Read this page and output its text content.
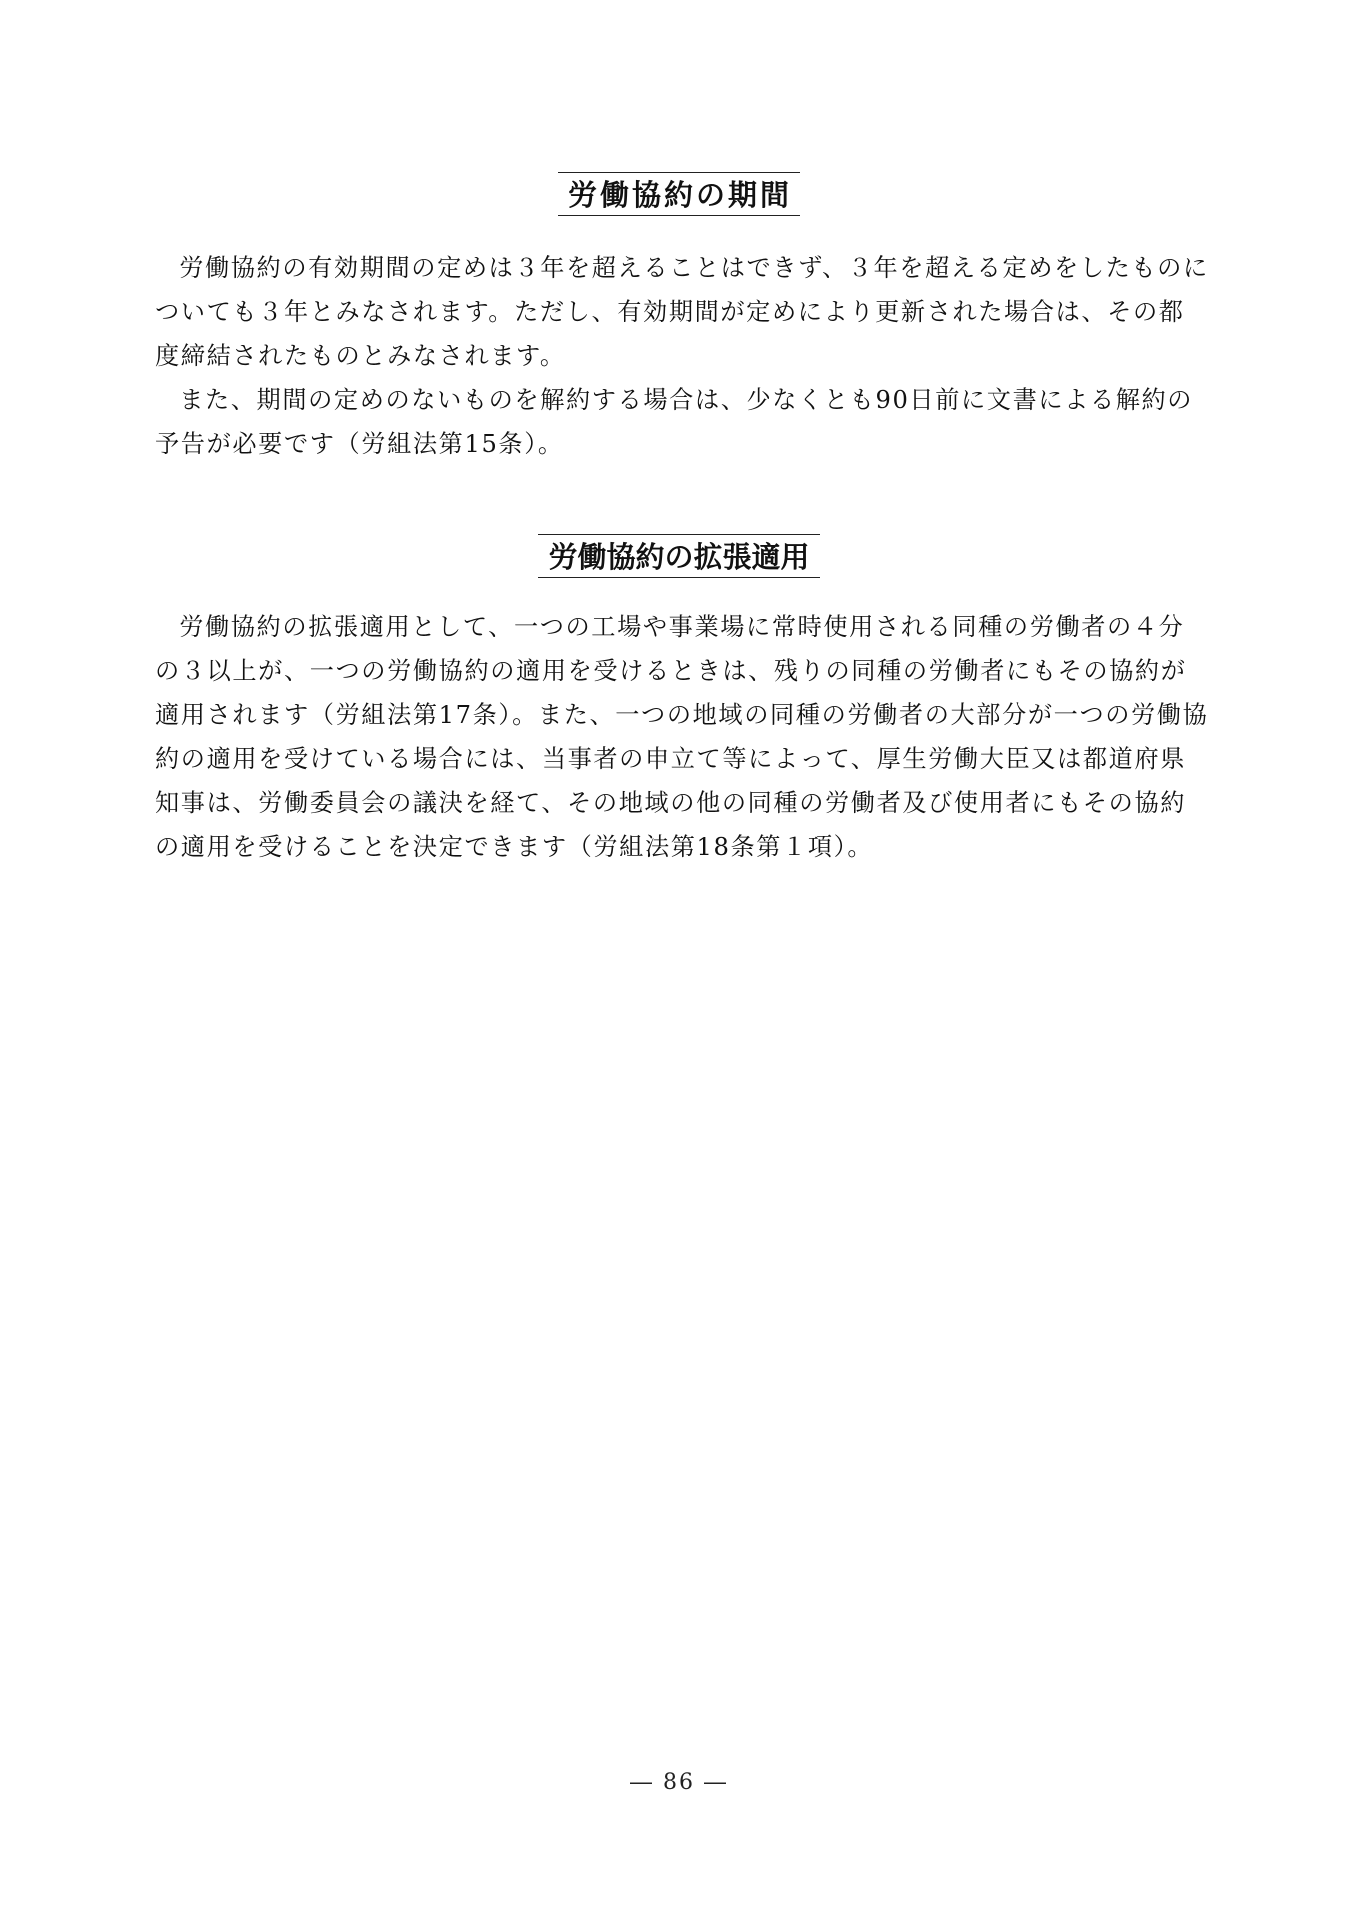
労働協約の期間

労働協約の有効期間の定めは３年を超えることはできず、３年を超える定めをしたものについても３年とみなされます。ただし、有効期間が定めにより更新された場合は、その都度締結されたものとみなされます。

また、期間の定めのないものを解約する場合は、少なくとも90日前に文書による解約の予告が必要です（労組法第15条）。

労働協約の拡張適用

労働協約の拡張適用として、一つの工場や事業場に常時使用される同種の労働者の４分の３以上が、一つの労働協約の適用を受けるときは、残りの同種の労働者にもその協約が適用されます（労組法第17条）。また、一つの地域の同種の労働者の大部分が一つの労働協約の適用を受けている場合には、当事者の申立て等によって、厚生労働大臣又は都道府県知事は、労働委員会の議決を経て、その地域の他の同種の労働者及び使用者にもその協約の適用を受けることを決定できます（労組法第18条第１項）。

― 86 ―
